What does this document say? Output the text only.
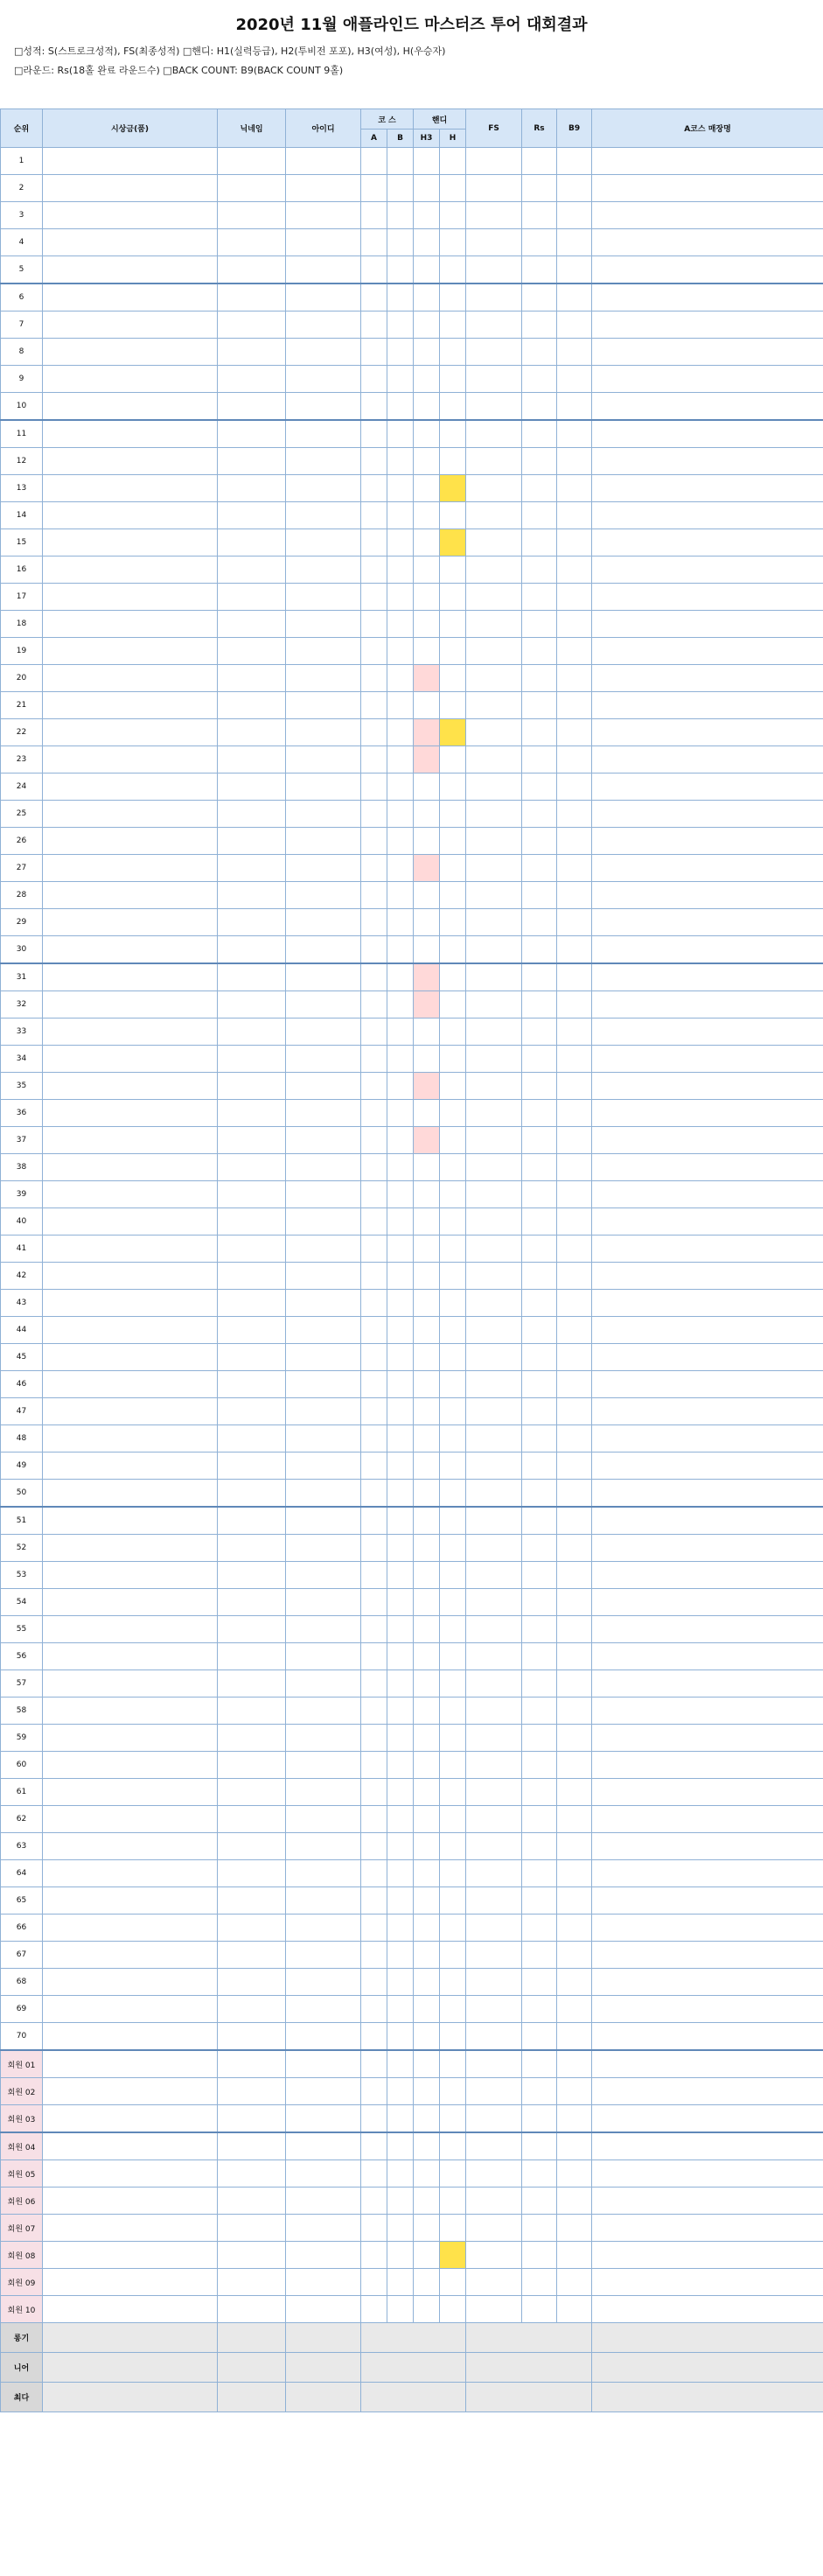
2020년 11월 애플라인드 마스터즈 투어 대회결과
□성적: S(스트로크성적), FS(최종성적) □핸디: H1(실력등급), H2(투비전 포포), H3(여성), H(우승자)
□라운드: Rs(18홀 완료 라운드수) □BACK COUNT: B9(BACK COUNT 9홀)
순위	시상금(품)	닉네임	아이디	코 스		핸디		FS	Rs	B9	A코스 매장명
				A	B	H3	H				
1											
2											
3											
4											
5											
6											
7											
8											
9											
10											
11											
12											
13											
14											
15											
16											
17											
18											
19											
20											
21											
22											
23											
24											
25											
26											
27											
28											
29											
30											
31											
32											
33											
34											
35											
36											
37											
38											
39											
40											
41											
42											
43											
44											
45											
46											
47											
48											
49											
50											
51											
52											
53											
54											
55											
56											
57											
58											
59											
60											
61											
62											
63											
64											
65											
66											
67											
68											
69											
70											
회원 01											
회원 02											
회원 03											
회원 04											
회원 05											
회원 06											
회원 07											
회원 08											
회원 09											
회원 10											
롱기											
니어											
최다											
